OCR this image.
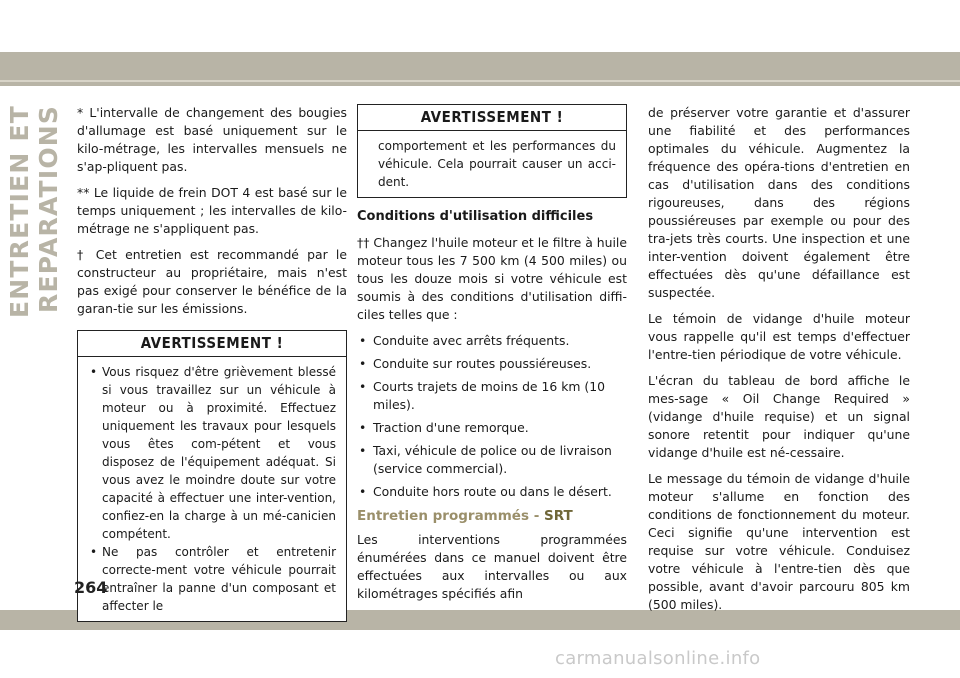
ENTRETIEN ET REPARATIONS * L'intervalle de changement des bougies d'allumage est basé uniquement sur le kilo-métrage, les intervalles mensuels ne s'ap-pliquent pas.

** Le liquide de frein DOT 4 est basé sur le temps uniquement ; les intervalles de kilo-métrage ne s'appliquent pas.

† Cet entretien est recommandé par le constructeur au propriétaire, mais n'est pas exigé pour conserver le bénéfice de la garan-tie sur les émissions.

AVERTISSEMENT !
• Vous risquez d'être grièvement blessé si vous travaillez sur un véhicule à moteur ou à proximité. Effectuez uniquement les travaux pour lesquels vous êtes com-pétent et vous disposez de l'équipement adéquat. Si vous avez le moindre doute sur votre capacité à effectuer une inter-vention, confiez-en la charge à un mé-canicien compétent.
• Ne pas contrôler et entretenir correcte-ment votre véhicule pourrait entraîner la panne d'un composant et affecter le
AVERTISSEMENT !
comportement et les performances du véhicule. Cela pourrait causer un acci-dent.
Conditions d'utilisation difficiles

†† Changez l'huile moteur et le filtre à huile moteur tous les 7 500 km (4 500 miles) ou tous les douze mois si votre véhicule est soumis à des conditions d'utilisation diffi-ciles telles que :

• Conduite avec arrêts fréquents.
• Conduite sur routes poussiéreuses.
• Courts trajets de moins de 16 km (10 miles).
• Traction d'une remorque.
• Taxi, véhicule de police ou de livraison (service commercial).
• Conduite hors route ou dans le désert.
Entretien programmés - SRT

Les interventions programmées énumérées dans ce manuel doivent être effectuées aux intervalles ou aux kilométrages spécifiés afin

de préserver votre garantie et d'assurer une fiabilité et des performances optimales du véhicule. Augmentez la fréquence des opéra-tions d'entretien en cas d'utilisation dans des conditions rigoureuses, dans des régions poussiéreuses par exemple ou pour des tra-jets très courts. Une inspection et une inter-vention doivent également être effectuées dès qu'une défaillance est suspectée.

Le témoin de vidange d'huile moteur vous rappelle qu'il est temps d'effectuer l'entre-tien périodique de votre véhicule.

L'écran du tableau de bord affiche le mes-sage « Oil Change Required » (vidange d'huile requise) et un signal sonore retentit pour indiquer qu'une vidange d'huile est né-cessaire.

Le message du témoin de vidange d'huile moteur s'allume en fonction des conditions de fonctionnement du moteur. Ceci signifie qu'une intervention est requise sur votre véhicule. Conduisez votre véhicule à l'entre-tien dès que possible, avant d'avoir parcouru 805 km (500 miles).

264
carmanualsonline.info
